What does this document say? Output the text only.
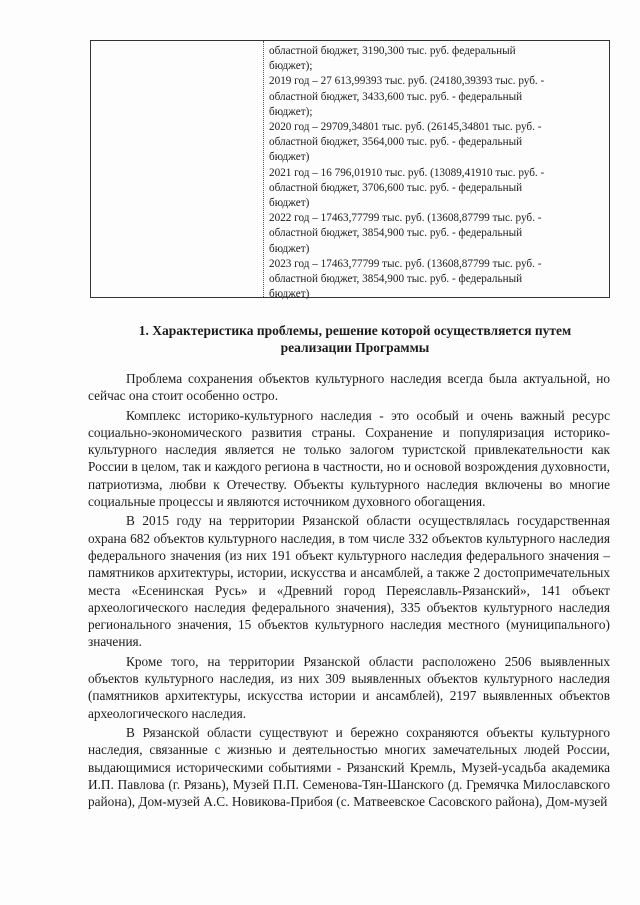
областной бюджет, 3190,300 тыс. руб. федеральный
бюджет);
2019 год – 27 613,99393 тыс. руб. (24180,39393 тыс. руб. -
областной бюджет, 3433,600 тыс. руб. - федеральный
бюджет);
2020 год – 29709,34801 тыс. руб. (26145,34801 тыс. руб. -
областной бюджет, 3564,000 тыс. руб. - федеральный
бюджет)
2021 год – 16 796,01910 тыс. руб. (13089,41910 тыс. руб. -
областной бюджет, 3706,600 тыс. руб. - федеральный
бюджет)
2022 год – 17463,77799 тыс. руб. (13608,87799 тыс. руб. -
областной бюджет, 3854,900 тыс. руб. - федеральный
бюджет)
2023 год – 17463,77799 тыс. руб. (13608,87799 тыс. руб. -
областной бюджет, 3854,900 тыс. руб. - федеральный
бюджет)
1. Характеристика проблемы, решение которой осуществляется путем реализации Программы

Проблема сохранения объектов культурного наследия всегда была актуальной, но сейчас она стоит особенно остро.

Комплекс историко-культурного наследия - это особый и очень важный ресурс социально-экономического развития страны. Сохранение и популяризация историко-культурного наследия является не только залогом туристской привлекательности как России в целом, так и каждого региона в частности, но и основой возрождения духовности, патриотизма, любви к Отечеству. Объекты культурного наследия включены во многие социальные процессы и являются источником духовного обогащения.

В 2015 году на территории Рязанской области осуществлялась государственная охрана 682 объектов культурного наследия, в том числе 332 объектов культурного наследия федерального значения (из них 191 объект культурного наследия федерального значения – памятников архитектуры, истории, искусства и ансамблей, а также 2 достопримечательных места «Есенинская Русь» и «Древний город Переяславль-Рязанский», 141 объект археологического наследия федерального значения), 335 объектов культурного наследия регионального значения, 15 объектов культурного наследия местного (муниципального) значения.

Кроме того, на территории Рязанской области расположено 2506 выявленных объектов культурного наследия, из них 309 выявленных объектов культурного наследия (памятников архитектуры, искусства истории и ансамблей), 2197 выявленных объектов археологического наследия.

В Рязанской области существуют и бережно сохраняются объекты культурного наследия, связанные с жизнью и деятельностью многих замечательных людей России, выдающимися историческими событиями - Рязанский Кремль, Музей-усадьба академика И.П. Павлова (г. Рязань), Музей П.П. Семенова-Тян-Шанского (д. Гремячка Милославского района), Дом-музей А.С. Новикова-Прибоя (с. Матвеевское Сасовского района), Дом-музей
